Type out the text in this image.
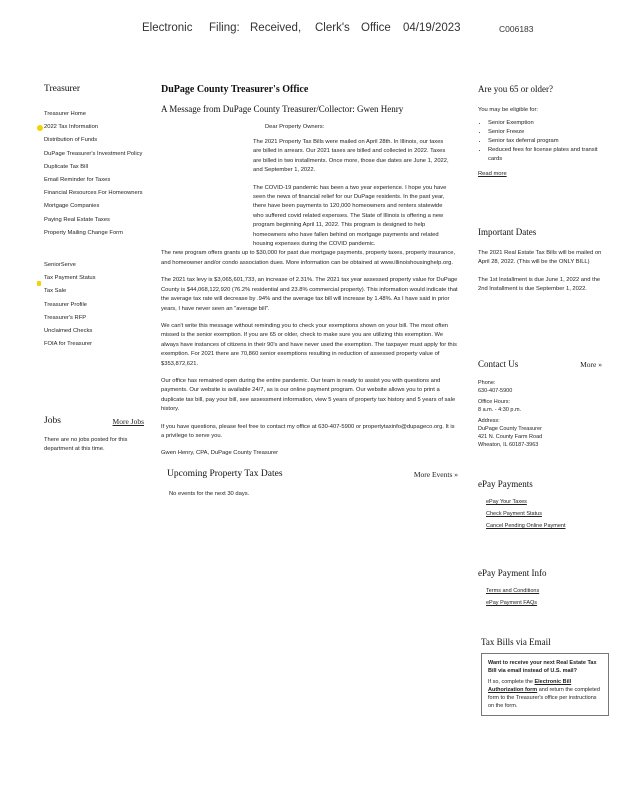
Electronic Filing: Received, Clerk's Office 04/19/2023	C006183
Treasurer
Treasurer Home
2022 Tax Information
Distribution of Funds
DuPage Treasurer's Investment Policy
Duplicate Tax Bill
Email Reminder for Taxes
Financial Resources For Homeowners
Mortgage Companies
Paying Real Estate Taxes
Property Mailing Change Form
SeniorServe
Tax Payment Status
Tax Sale
Treasurer Profile
Treasurer's RFP
Unclaimed Checks
FOIA for Treasurer
Jobs	More Jobs

There are no jobs posted for this department at this time.

DuPage County Treasurer's Office
A Message from DuPage County Treasurer/Collector: Gwen Henry

Dear Property Owners:

The 2021 Property Tax Bills were mailed on April 28th. In Illinois, our taxes are billed in arrears. Our 2021 taxes are billed and collected in 2022. Taxes are billed in two installments. Once more, those due dates are June 1, 2022, and September 1, 2022.

The COVID-19 pandemic has been a two year experience. I hope you have seen the news of financial relief for our DuPage residents. In the past year, there have been payments to 120,000 homeowners and renters statewide who suffered covid related expenses. The State of Illinois is offering a new program beginning April 11, 2022. This program is designed to help homeowners who have fallen behind on mortgage payments and related housing expenses during the COVID pandemic.

The new program offers grants up to $30,000 for past due mortgage payments, property taxes, property insurance, and homeowner and/or condo association dues. More information can be obtained at www.illinoishousinghelp.org.

The 2021 tax levy is $3,065,601,733, an increase of 2.31%. The 2021 tax year assessed property value for DuPage County is $44,068,122,920 (76.2% residential and 23.8% commercial property). This information would indicate that the average tax rate will decrease by .94% and the average tax bill will increase by 1.48%. As I have said in prior years, I have never seen an "average bill".

We can't write this message without reminding you to check your exemptions shown on your bill. The most often missed is the senior exemption. If you are 65 or older, check to make sure you are utilizing this exemption. We always have instances of citizens in their 90's and have never used the exemption. The taxpayer must apply for this exemption. For 2021 there are 70,860 senior exemptions resulting in reduction of assessed property value of $353,872,621.

Our office has remained open during the entire pandemic. Our team is ready to assist you with questions and payments. Our website is available 24/7, as is our online payment program. Our website allows you to print a duplicate tax bill, pay your bill, see assessment information, view 5 years of property tax history and 5 years of sale history.

If you have questions, please feel free to contact my office at 630-407-5900 or propertytaxinfo@dupageco.org. It is a privilege to serve you.

Gwen Henry, CPA, DuPage County Treasurer

Upcoming Property Tax Dates	More Events »

No events for the next 30 days.

Are you 65 or older?

You may be eligible for:

• Senior Exemption
• Senior Freeze
• Senior tax deferral program
• Reduced fees for license plates and transit cards

Read more

Important Dates

The 2021 Real Estate Tax Bills will be mailed on April 28, 2022. (This will be the ONLY BILL)

The 1st Installment is due June 1, 2022 and the 2nd Installment is due September 1, 2022.

Contact Us	More »
Phone:
630-407-5900
Office Hours:
8 a.m. - 4:30 p.m.
Address:
DuPage County Treasurer
421 N. County Farm Road
Wheaton, IL 60187-3963
ePay Payments
ePay Your Taxes
Check Payment Status
Cancel Pending Online Payment
ePay Payment Info
Terms and Conditions
ePay Payment FAQs
Tax Bills via Email
Want to receive your next Real Estate Tax Bill via email instead of U.S. mail?
If so, complete the Electronic Bill Authorization form and return the completed form to the Treasurer's office per instructions on the form.
